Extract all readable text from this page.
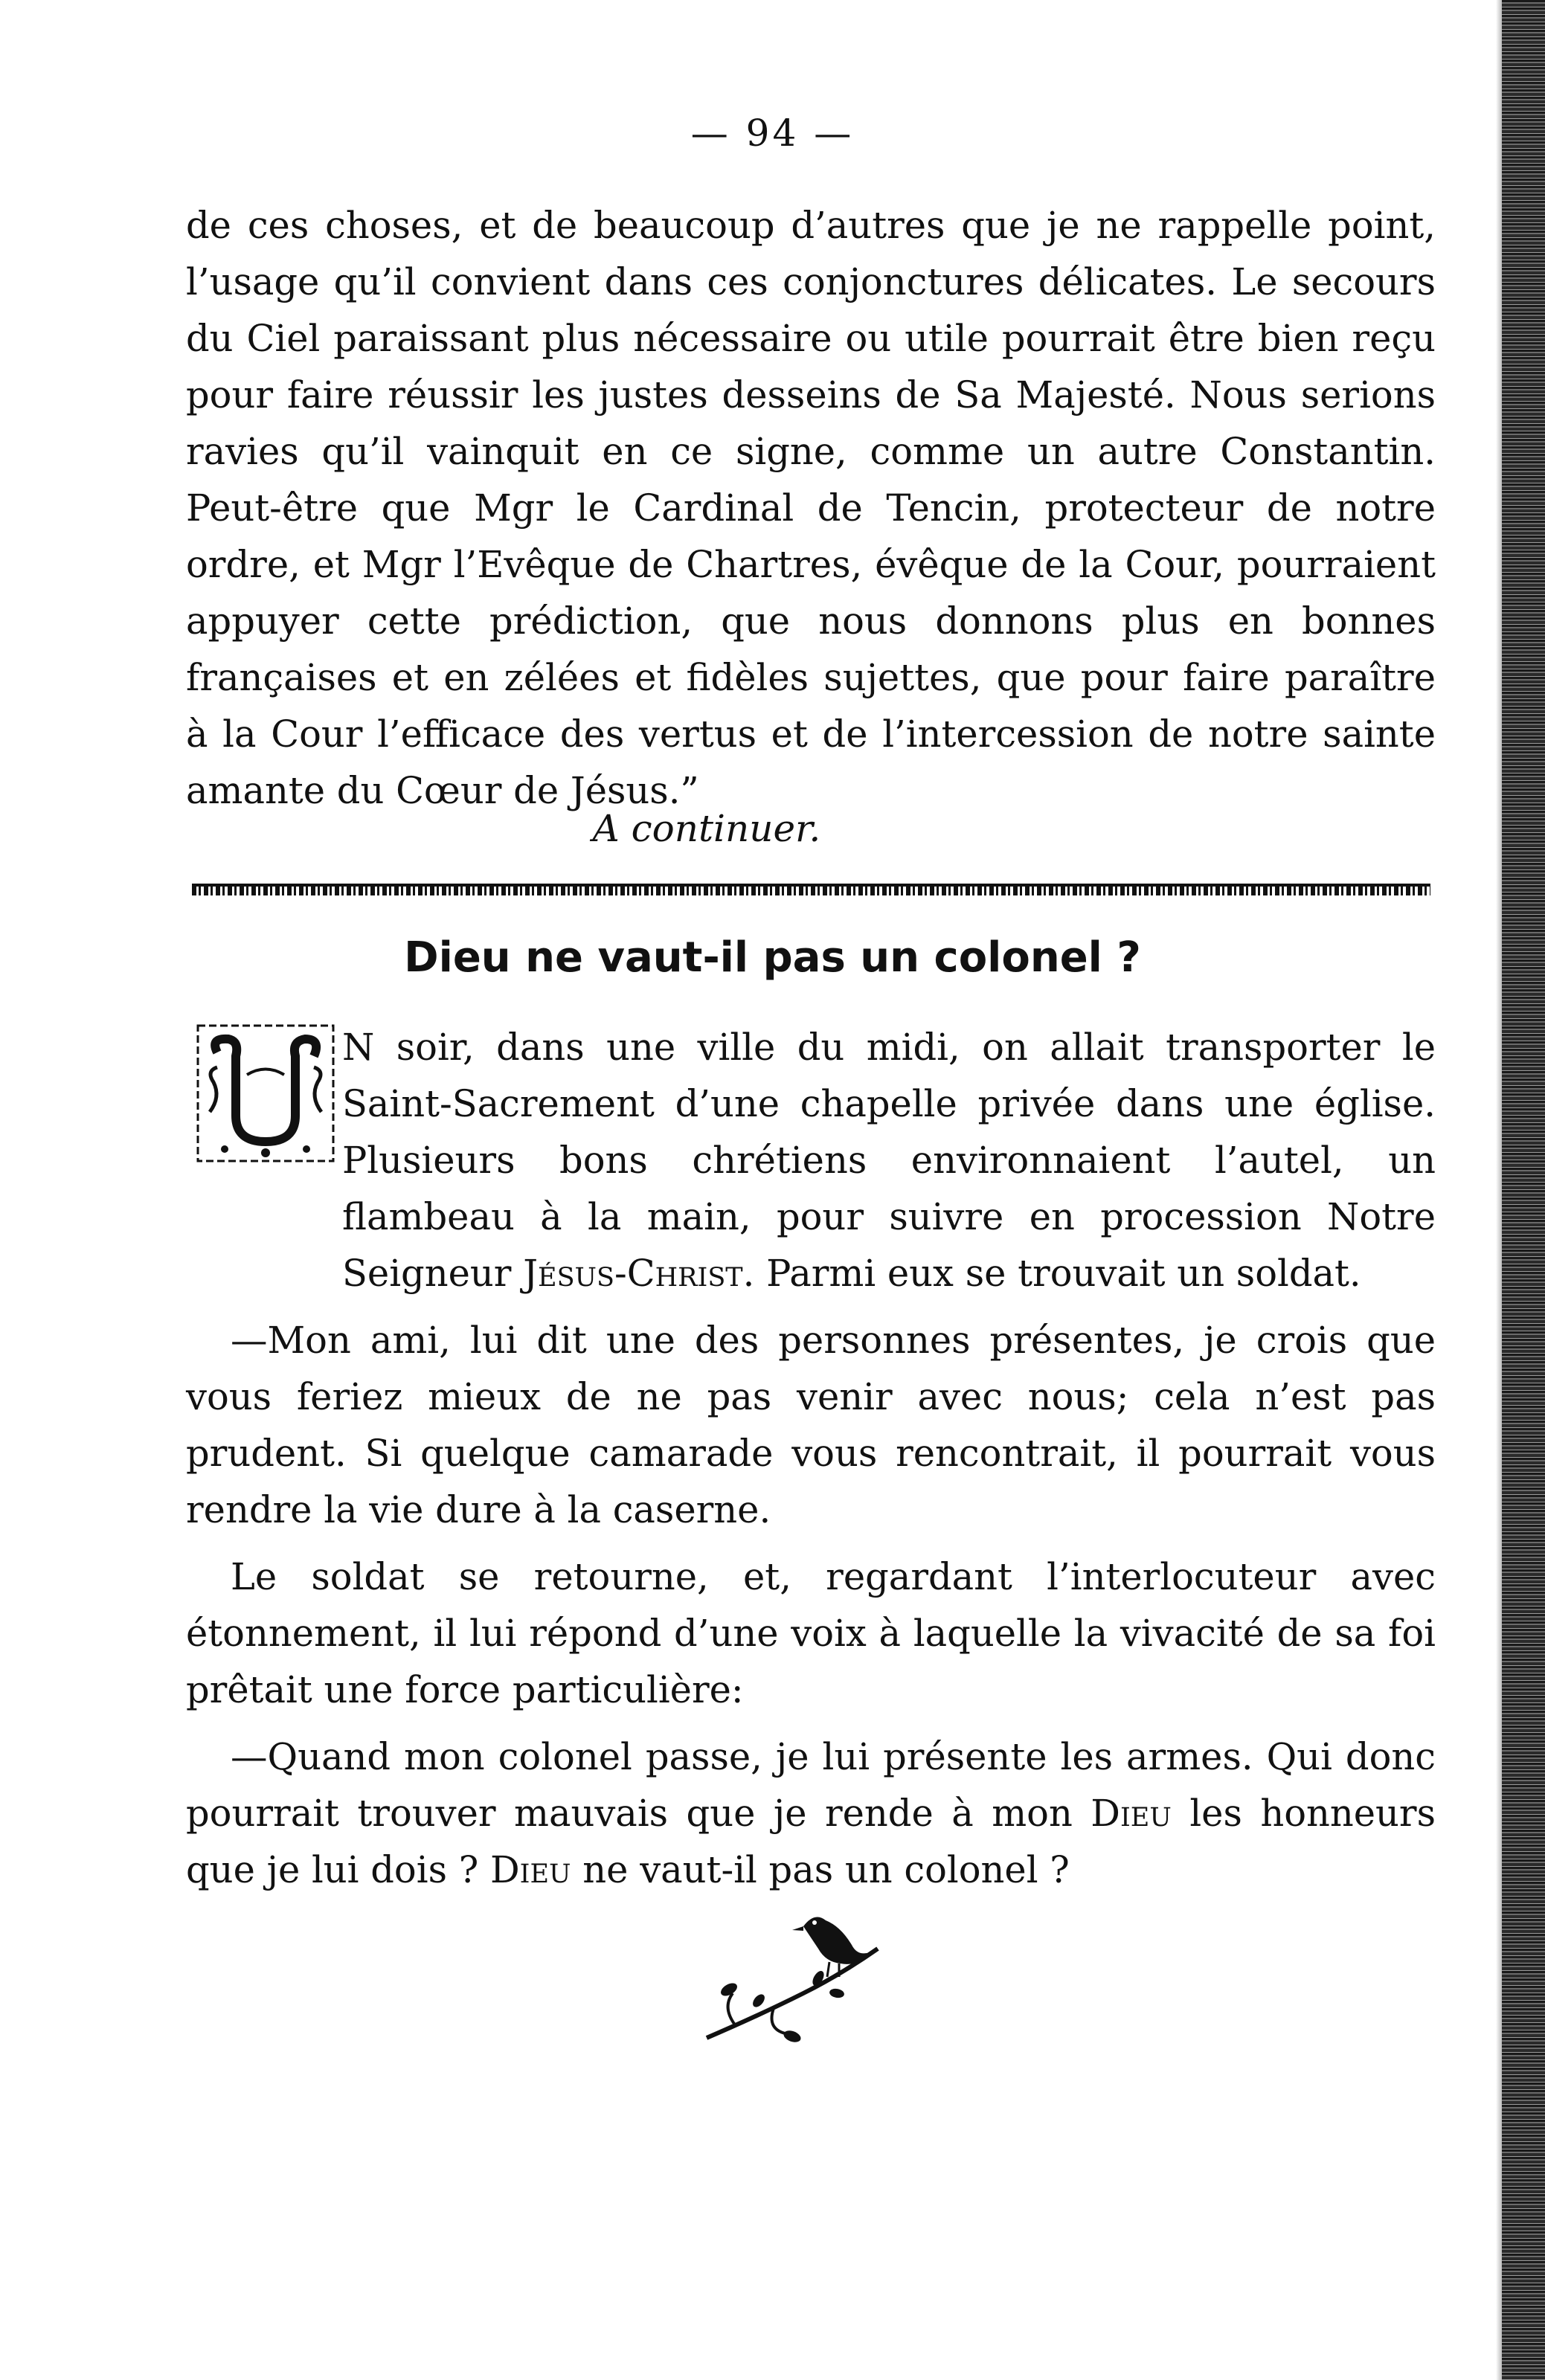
— 94 —

de ces choses, et de beaucoup d’autres que je ne rappelle point, l’usage qu’il convient dans ces conjonctures délicates. Le secours du Ciel paraissant plus nécessaire ou utile pourrait être bien reçu pour faire réussir les justes desseins de Sa Majesté. Nous serions ravies qu’il vainquit en ce signe, comme un autre Constantin. Peut-être que Mgr le Cardinal de Tencin, protecteur de notre ordre, et Mgr l’Evêque de Chartres, évêque de la Cour, pourraient appuyer cette prédiction, que nous donnons plus en bonnes françaises et en zélées et fidèles sujettes, que pour faire paraître à la Cour l’efficace des vertus et de l’intercession de notre sainte amante du Cœur de Jésus.”

A continuer.
Dieu ne vaut-il pas un colonel ?

N soir, dans une ville du midi, on allait transporter le Saint-Sacrement d’une chapelle privée dans une église. Plusieurs bons chrétiens environnaient l’autel, un flambeau à la main, pour suivre en procession Notre Seigneur Jésus-Christ. Parmi eux se trouvait un soldat.

—Mon ami, lui dit une des personnes présentes, je crois que vous feriez mieux de ne pas venir avec nous; cela n’est pas prudent. Si quelque camarade vous rencontrait, il pourrait vous rendre la vie dure à la caserne.

Le soldat se retourne, et, regardant l’interlocuteur avec étonnement, il lui répond d’une voix à laquelle la vivacité de sa foi prêtait une force particulière:

—Quand mon colonel passe, je lui présente les armes. Qui donc pourrait trouver mauvais que je rende à mon Dieu les honneurs que je lui dois ? Dieu ne vaut-il pas un colonel ?
